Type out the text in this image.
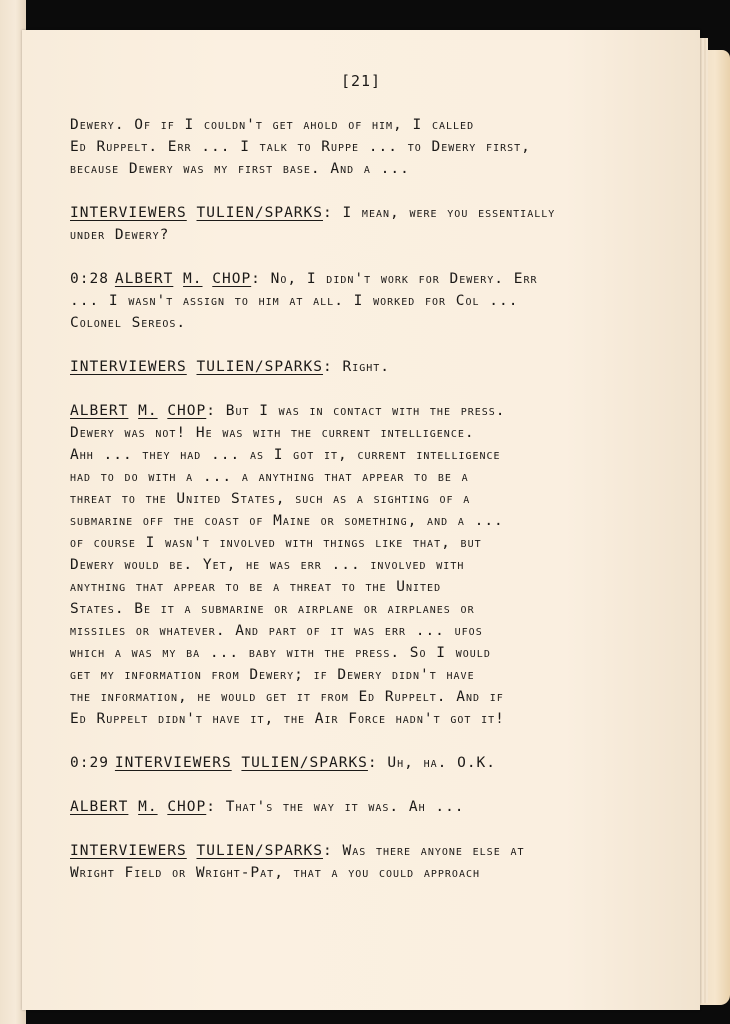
[21]
Dewery. Of if I couldn't get ahold of him, I called
Ed Ruppelt. Err ... I talk to Ruppe ... to Dewery first,
because Dewery was my first base. And a ...
INTERVIEWERS TULIEN/SPARKS: I mean, were you essentially
under Dewery?
0:28 ALBERT M. CHOP: No, I didn't work for Dewery. Err
... I wasn't assign to him at all. I worked for Col ...
Colonel Sereos.
INTERVIEWERS TULIEN/SPARKS: Right.
ALBERT M. CHOP: But I was in contact with the press.
Dewery was not! He was with the current intelligence.
Ahh ... they had ... as I got it, current intelligence
had to do with a ... a anything that appear to be a
threat to the United States, such as a sighting of a
submarine off the coast of Maine or something, and a ...
of course I wasn't involved with things like that, but
Dewery would be. Yet, he was err ... involved with
anything that appear to be a threat to the United
States. Be it a submarine or airplane or airplanes or
missiles or whatever. And part of it was err ... ufos
which a was my ba ... baby with the press. So I would
get my information from Dewery; if Dewery didn't have
the information, he would get it from Ed Ruppelt. And if
Ed Ruppelt didn't have it, the Air Force hadn't got it!
0:29 INTERVIEWERS TULIEN/SPARKS: Uh, ha. O.K.
ALBERT M. CHOP: That's the way it was. Ah ...
INTERVIEWERS TULIEN/SPARKS: Was there anyone else at
Wright Field or Wright-Pat, that a you could approach
